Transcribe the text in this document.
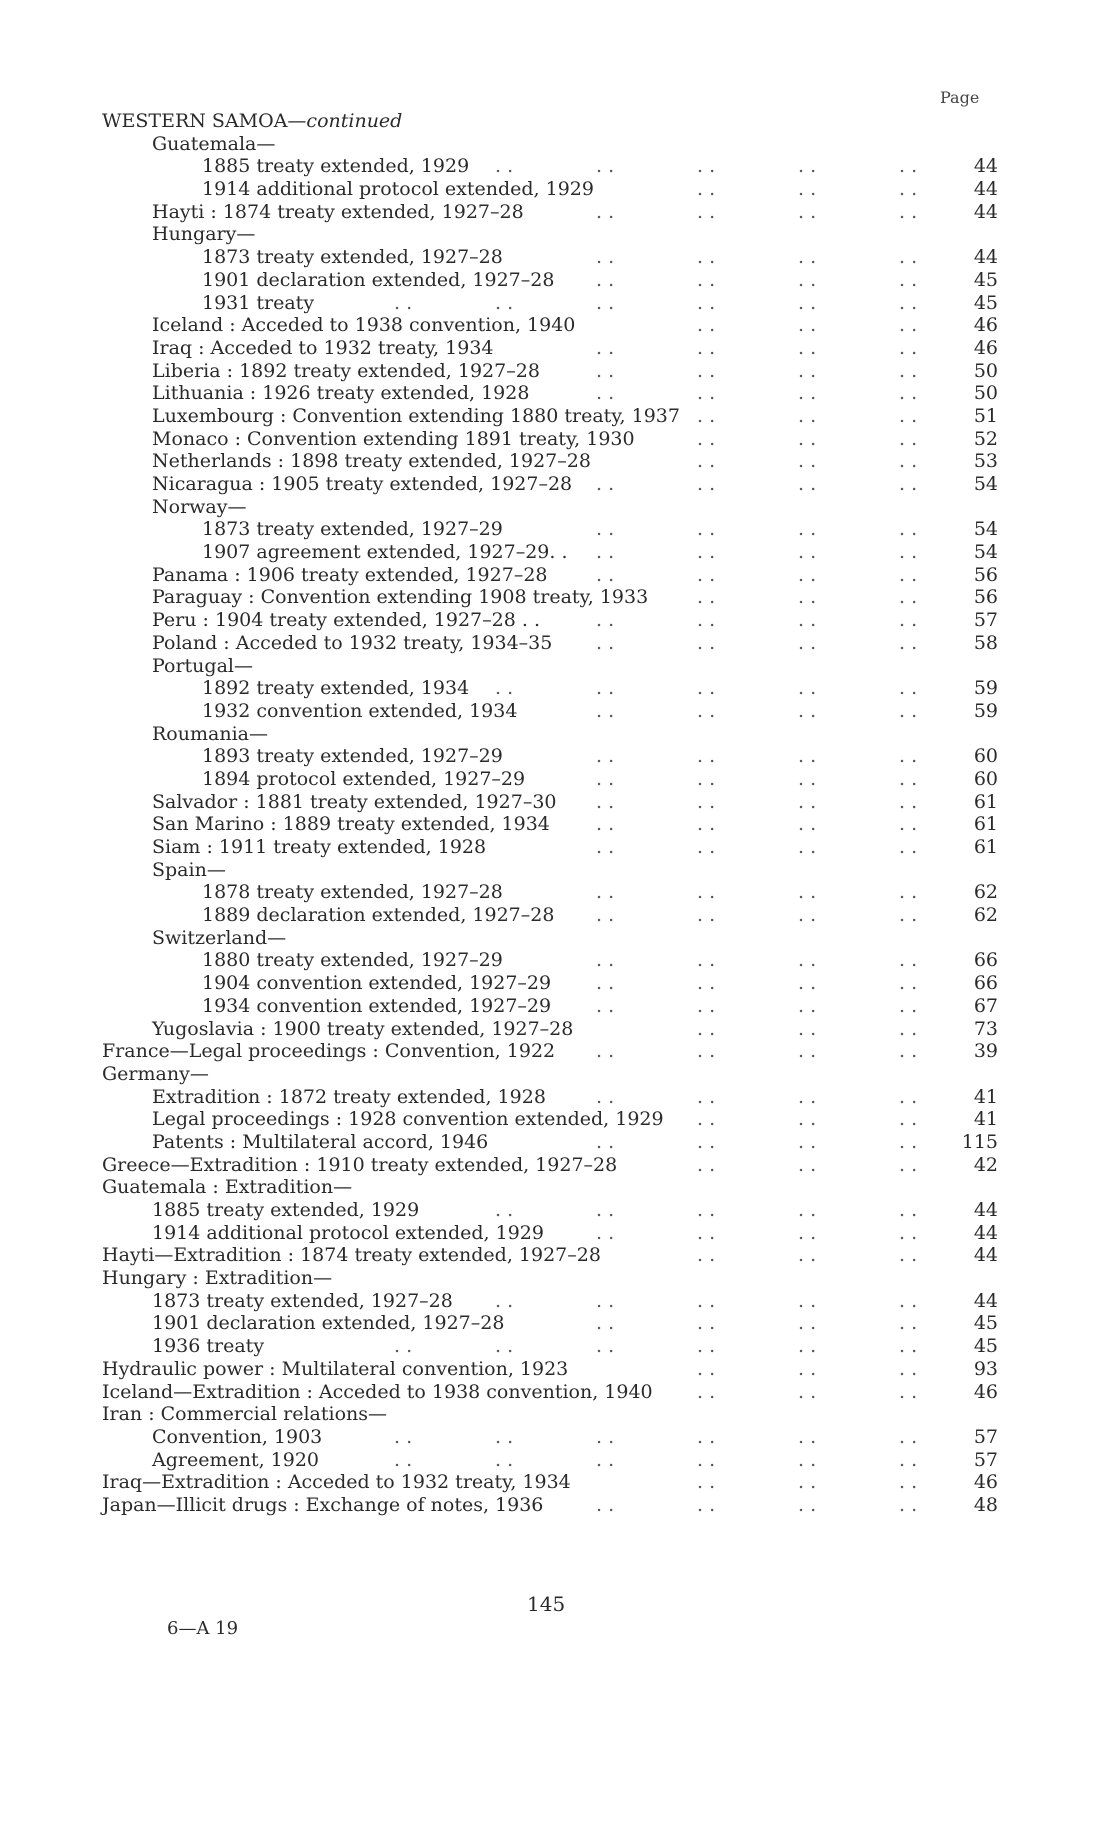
Page
WESTERN SAMOA—continued
Guatemala—
1885 treaty extended, 1929 . .	. .	. .	. .	. .	44
1914 additional protocol extended, 1929	. .	. .	. .	44
Hayti : 1874 treaty extended, 1927–28	. .	. .	. .	. .	44
Hungary—
1873 treaty extended, 1927–28	. .	. .	. .	. .	44
1901 declaration extended, 1927–28 . .	. .	. .	. .	45
1931 treaty	. .	. .	. .	. .	. .	. .	45
Iceland : Acceded to 1938 convention, 1940	. .	. .	. .	46
Iraq : Acceded to 1932 treaty, 1934	. .	. .	. .	. .	46
Liberia : 1892 treaty extended, 1927–28	. .	. .	. .	. .	50
Lithuania : 1926 treaty extended, 1928	. .	. .	. .	. .	50
Luxembourg : Convention extending 1880 treaty, 1937 . .	. .	. .	51
Monaco : Convention extending 1891 treaty, 1930	. .	. .	. .	52
Netherlands : 1898 treaty extended, 1927–28	. .	. .	. .	53
Nicaragua : 1905 treaty extended, 1927–28 . .	. .	. .	. .	54
Norway—
1873 treaty extended, 1927–29	. .	. .	. .	. .	54
1907 agreement extended, 1927–29. . . .	. .	. .	. .	54
Panama : 1906 treaty extended, 1927–28	. .	. .	. .	. .	56
Paraguay : Convention extending 1908 treaty, 1933	. .	. .	. .	56
Peru : 1904 treaty extended, 1927–28 . .	. .	. .	. .	. .	57
Poland : Acceded to 1932 treaty, 1934–35 . .	. .	. .	. .	58
Portugal—
1892 treaty extended, 1934 . .	. .	. .	. .	. .	59
1932 convention extended, 1934	. .	. .	. .	. .	59
Roumania—
1893 treaty extended, 1927–29	. .	. .	. .	. .	60
1894 protocol extended, 1927–29	. .	. .	. .	. .	60
Salvador : 1881 treaty extended, 1927–30 . .	. .	. .	. .	61
San Marino : 1889 treaty extended, 1934 . .	. .	. .	. .	61
Siam : 1911 treaty extended, 1928	. .	. .	. .	. .	61
Spain—
1878 treaty extended, 1927–28	. .	. .	. .	. .	62
1889 declaration extended, 1927–28 . .	. .	. .	. .	62
Switzerland—
1880 treaty extended, 1927–29	. .	. .	. .	. .	66
1904 convention extended, 1927–29 . .	. .	. .	. .	66
1934 convention extended, 1927–29 . .	. .	. .	. .	67
Yugoslavia : 1900 treaty extended, 1927–28	. .	. .	. .	73
France—Legal proceedings : Convention, 1922 . .	. .	. .	. .	39
Germany—
Extradition : 1872 treaty extended, 1928	. .	. .	. .	. .	41
Legal proceedings : 1928 convention extended, 1929 . .	. .	. .	41
Patents : Multilateral accord, 1946	. .	. .	. .	. .	115
Greece—Extradition : 1910 treaty extended, 1927–28	. .	. .	. .	42
Guatemala : Extradition—
1885 treaty extended, 1929	. .	. .	. .	. .	. .	44
1914 additional protocol extended, 1929	. .	. .	. .	. .	44
Hayti—Extradition : 1874 treaty extended, 1927–28	. .	. .	. .	44
Hungary : Extradition—
1873 treaty extended, 1927–28 . .	. .	. .	. .	. .	44
1901 declaration extended, 1927–28	. .	. .	. .	. .	45
1936 treaty	. .	. .	. .	. .	. .	. .	45
Hydraulic power : Multilateral convention, 1923	. .	. .	. .	93
Iceland—Extradition : Acceded to 1938 convention, 1940 . .	. .	. .	46
Iran : Commercial relations—
Convention, 1903	. .	. .	. .	. .	. .	. .	57
Agreement, 1920	. .	. .	. .	. .	. .	. .	57
Iraq—Extradition : Acceded to 1932 treaty, 1934	. .	. .	. .	46
Japan—Illicit drugs : Exchange of notes, 1936	. .	. .	. .	. .	48
145
6—A 19
